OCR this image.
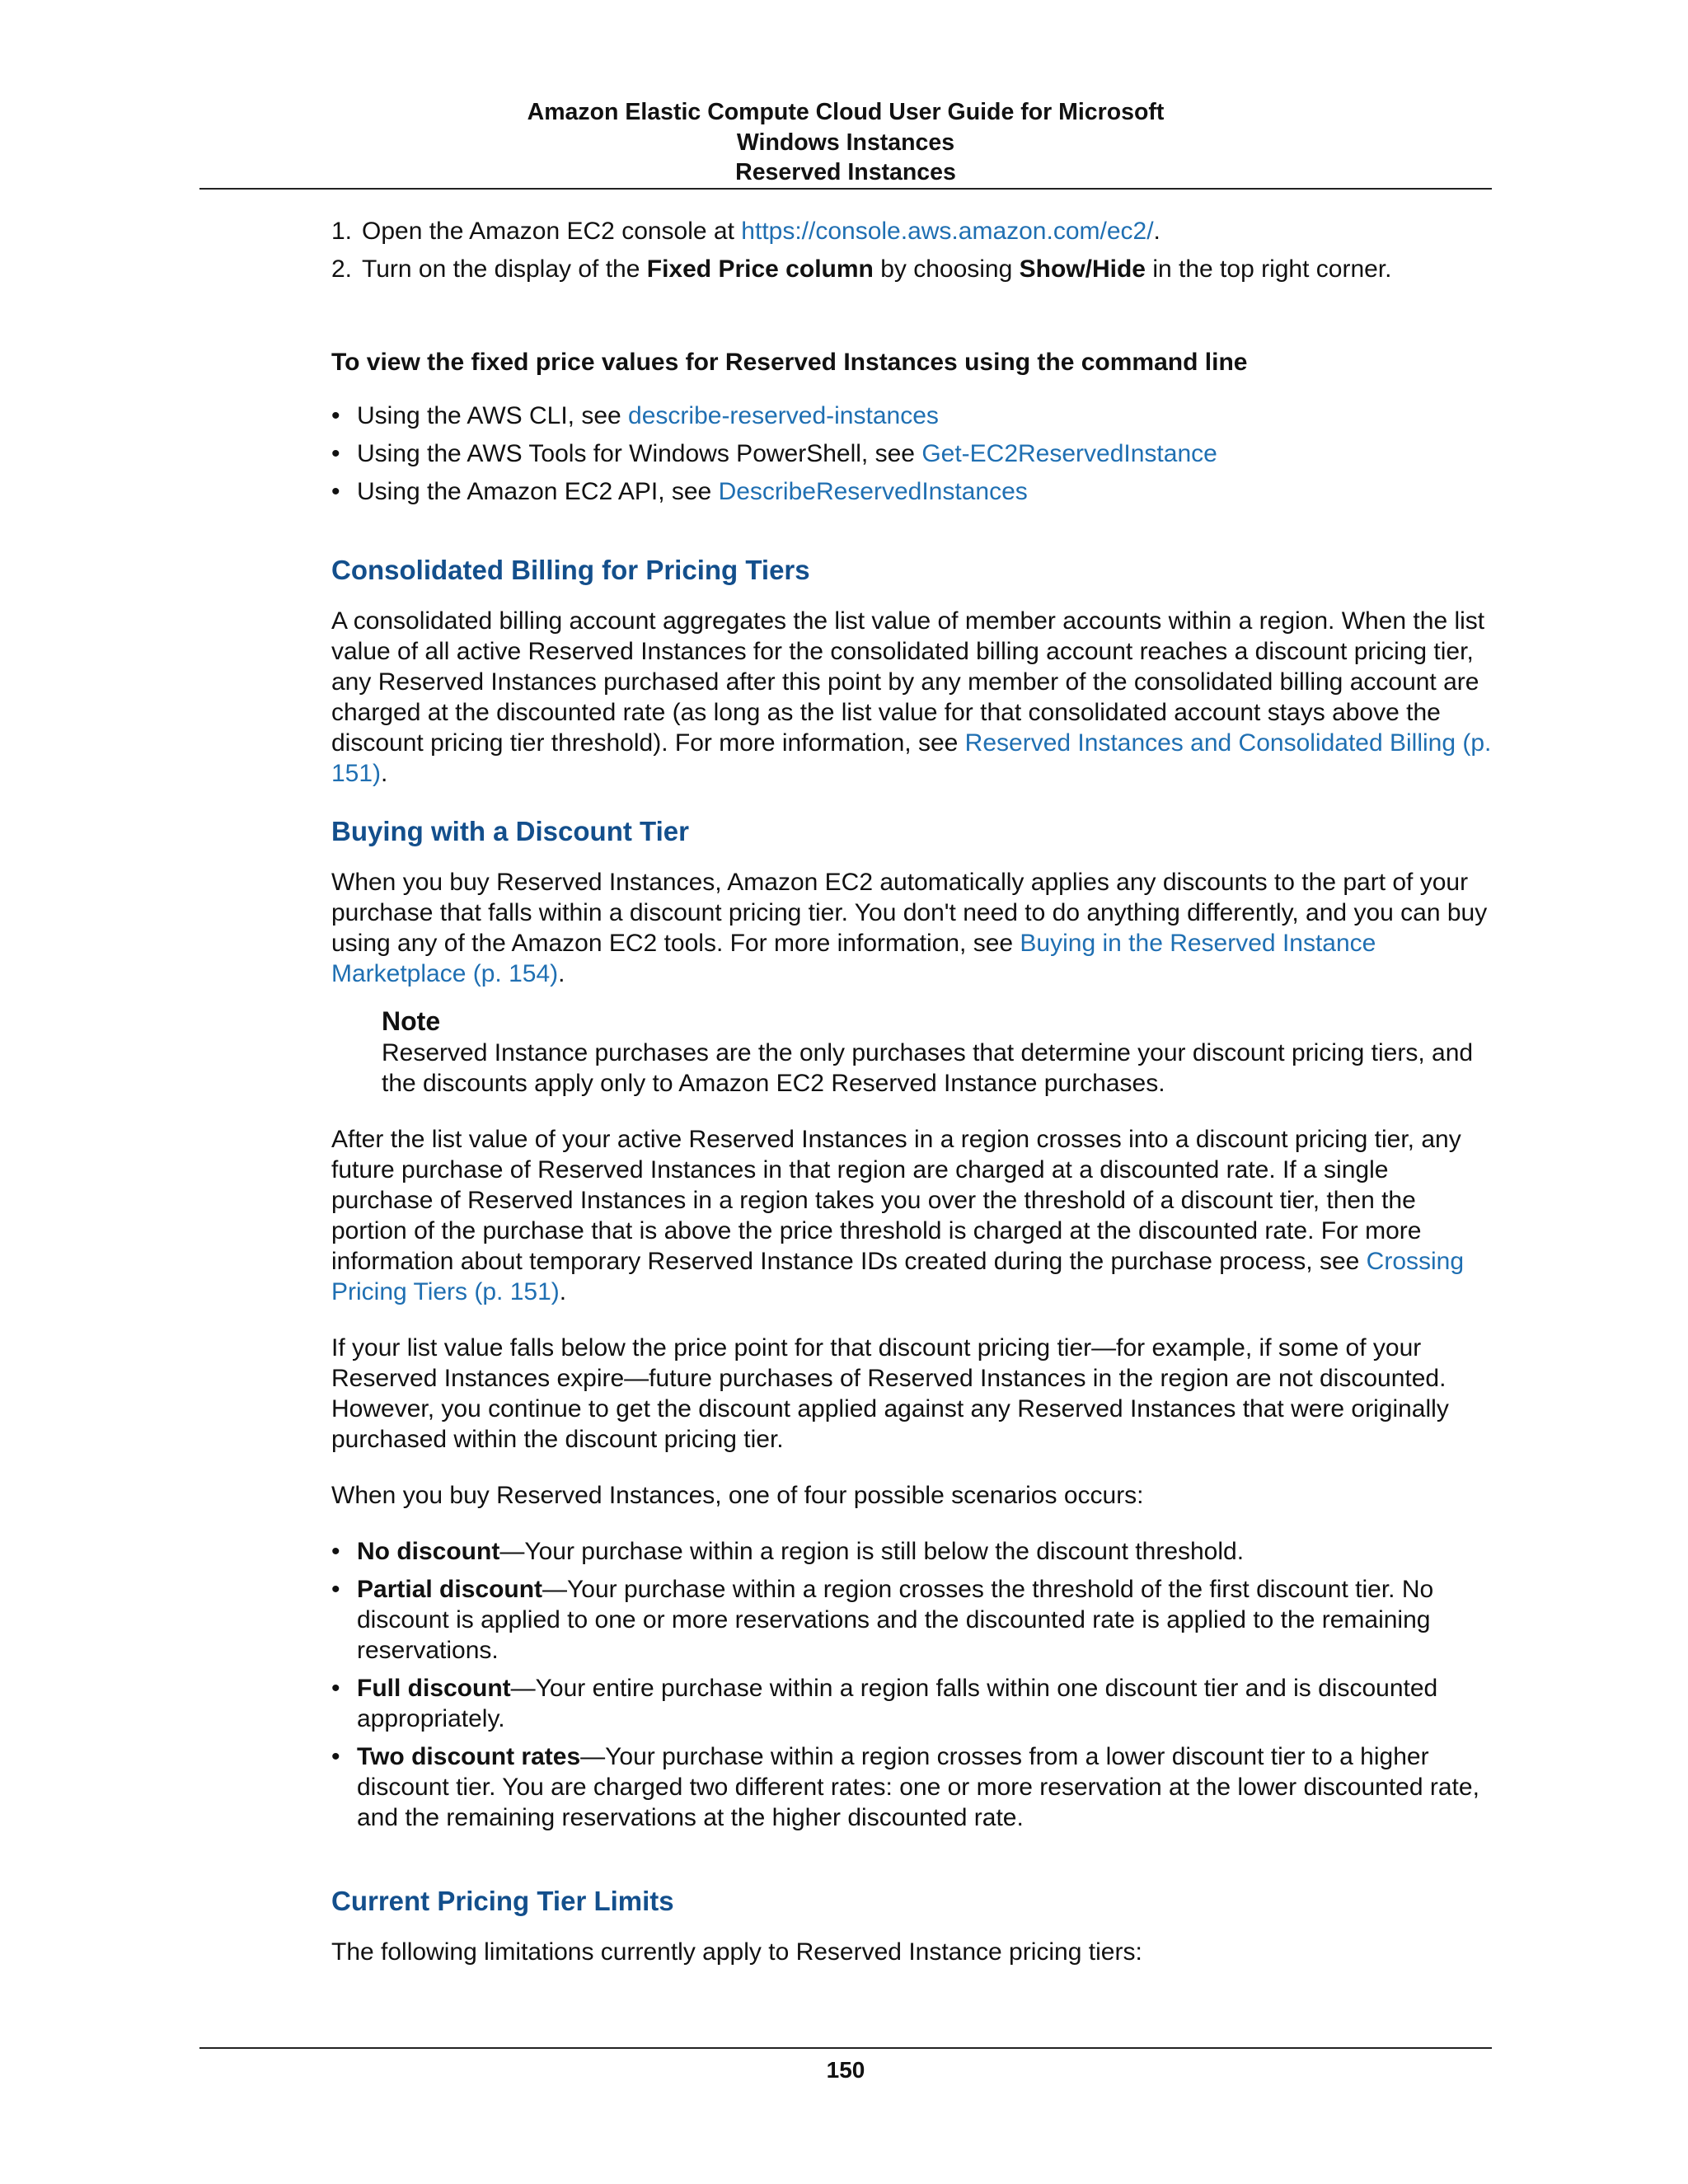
Amazon Elastic Compute Cloud User Guide for Microsoft
Windows Instances
Reserved Instances
1. Open the Amazon EC2 console at https://console.aws.amazon.com/ec2/.
2. Turn on the display of the Fixed Price column by choosing Show/Hide in the top right corner.
To view the fixed price values for Reserved Instances using the command line
• Using the AWS CLI, see describe-reserved-instances
• Using the AWS Tools for Windows PowerShell, see Get-EC2ReservedInstance
• Using the Amazon EC2 API, see DescribeReservedInstances
Consolidated Billing for Pricing Tiers

A consolidated billing account aggregates the list value of member accounts within a region. When the list value of all active Reserved Instances for the consolidated billing account reaches a discount pricing tier, any Reserved Instances purchased after this point by any member of the consolidated billing account are charged at the discounted rate (as long as the list value for that consolidated account stays above the discount pricing tier threshold). For more information, see Reserved Instances and Consolidated Billing (p. 151).

Buying with a Discount Tier

When you buy Reserved Instances, Amazon EC2 automatically applies any discounts to the part of your purchase that falls within a discount pricing tier. You don't need to do anything differently, and you can buy using any of the Amazon EC2 tools. For more information, see Buying in the Reserved Instance Marketplace (p. 154).

Note
Reserved Instance purchases are the only purchases that determine your discount pricing tiers, and the discounts apply only to Amazon EC2 Reserved Instance purchases.

After the list value of your active Reserved Instances in a region crosses into a discount pricing tier, any future purchase of Reserved Instances in that region are charged at a discounted rate. If a single purchase of Reserved Instances in a region takes you over the threshold of a discount tier, then the portion of the purchase that is above the price threshold is charged at the discounted rate. For more information about temporary Reserved Instance IDs created during the purchase process, see Crossing Pricing Tiers (p. 151).

If your list value falls below the price point for that discount pricing tier—for example, if some of your Reserved Instances expire—future purchases of Reserved Instances in the region are not discounted. However, you continue to get the discount applied against any Reserved Instances that were originally purchased within the discount pricing tier.

When you buy Reserved Instances, one of four possible scenarios occurs:

• No discount—Your purchase within a region is still below the discount threshold.
• Partial discount—Your purchase within a region crosses the threshold of the first discount tier. No discount is applied to one or more reservations and the discounted rate is applied to the remaining reservations.
• Full discount—Your entire purchase within a region falls within one discount tier and is discounted appropriately.
• Two discount rates—Your purchase within a region crosses from a lower discount tier to a higher discount tier. You are charged two different rates: one or more reservation at the lower discounted rate, and the remaining reservations at the higher discounted rate.
Current Pricing Tier Limits

The following limitations currently apply to Reserved Instance pricing tiers:

150
